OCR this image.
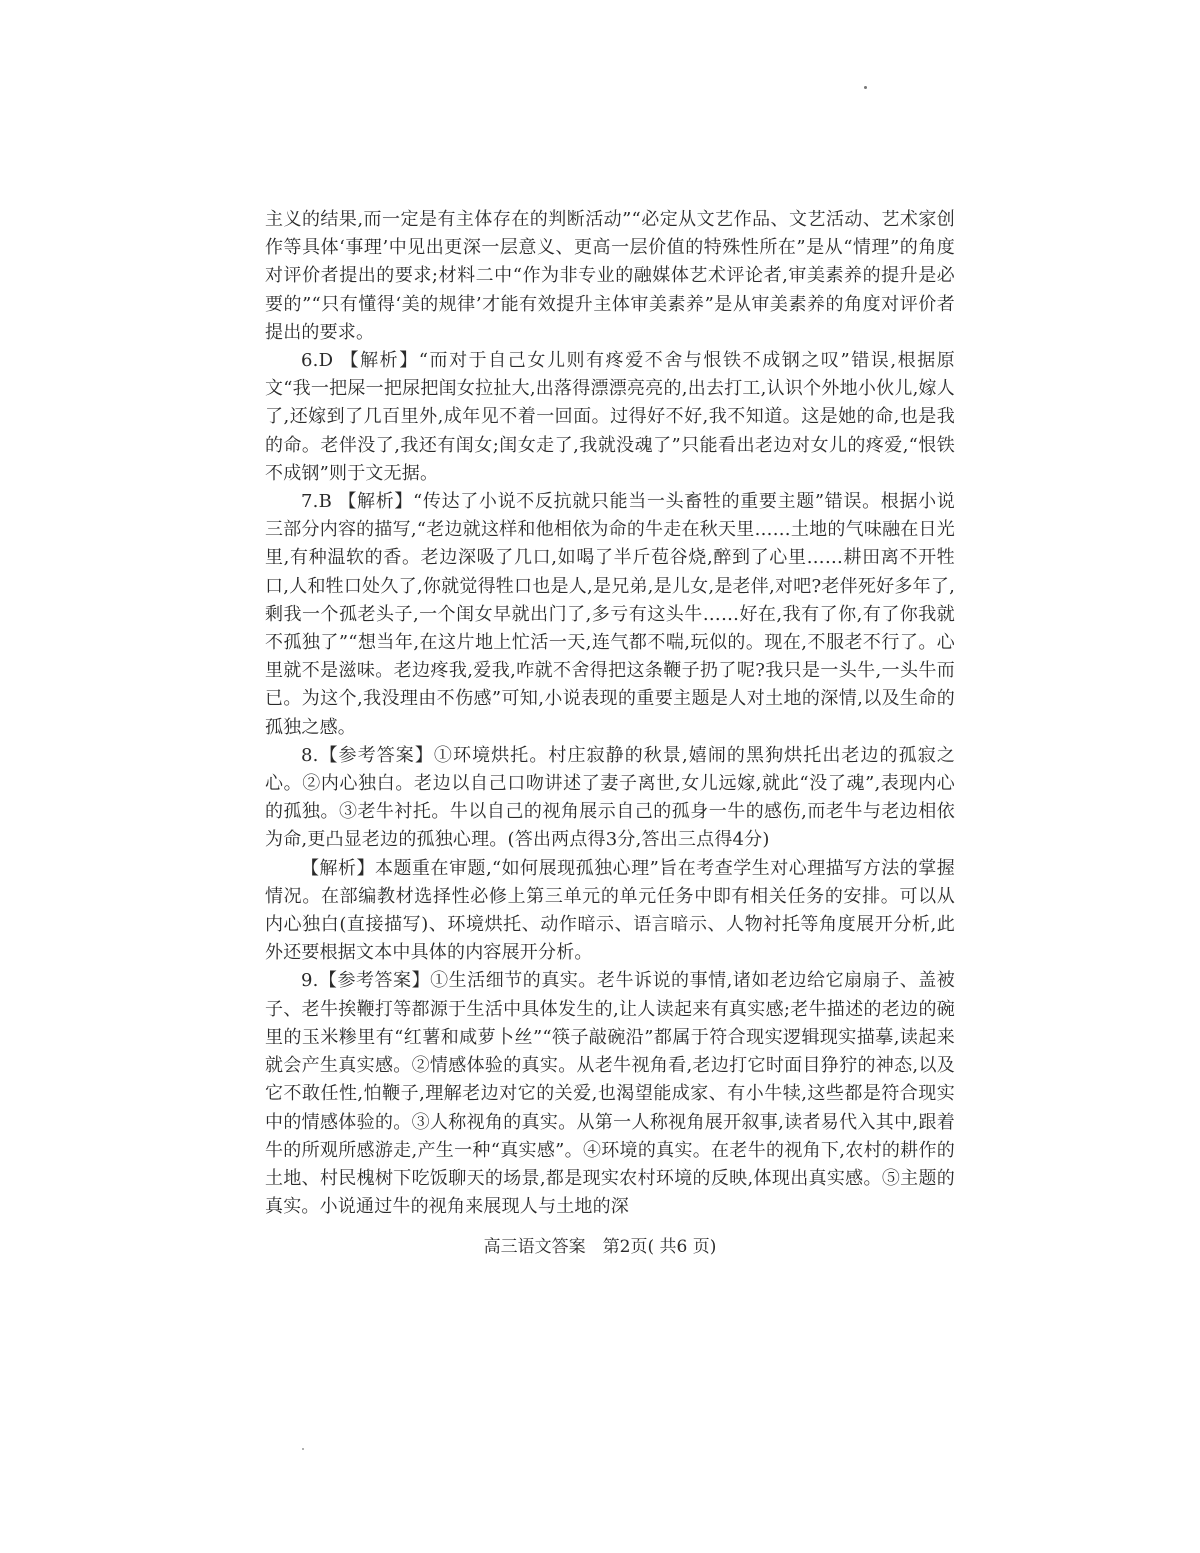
主义的结果,而一定是有主体存在的判断活动”“必定从文艺作品、文艺活动、艺术家创作等具体‘事理’中见出更深一层意义、更高一层价值的特殊性所在”是从“情理”的角度对评价者提出的要求;材料二中“作为非专业的融媒体艺术评论者,审美素养的提升是必要的”“只有懂得‘美的规律’才能有效提升主体审美素养”是从审美素养的角度对评价者提出的要求。

6.D 【解析】“而对于自己女儿则有疼爱不舍与恨铁不成钢之叹”错误,根据原文“我一把屎一把尿把闺女拉扯大,出落得漂漂亮亮的,出去打工,认识个外地小伙儿,嫁人了,还嫁到了几百里外,成年见不着一回面。过得好不好,我不知道。这是她的命,也是我的命。老伴没了,我还有闺女;闺女走了,我就没魂了”只能看出老边对女儿的疼爱,“恨铁不成钢”则于文无据。

7.B 【解析】“传达了小说不反抗就只能当一头畜牲的重要主题”错误。根据小说三部分内容的描写,“老边就这样和他相依为命的牛走在秋天里……土地的气味融在日光里,有种温软的香。老边深吸了几口,如喝了半斤苞谷烧,醉到了心里……耕田离不开牲口,人和牲口处久了,你就觉得牲口也是人,是兄弟,是儿女,是老伴,对吧?老伴死好多年了,剩我一个孤老头子,一个闺女早就出门了,多亏有这头牛……好在,我有了你,有了你我就不孤独了”“想当年,在这片地上忙活一天,连气都不喘,玩似的。现在,不服老不行了。心里就不是滋味。老边疼我,爱我,咋就不舍得把这条鞭子扔了呢?我只是一头牛,一头牛而已。为这个,我没理由不伤感”可知,小说表现的重要主题是人对土地的深情,以及生命的孤独之感。

8.【参考答案】①环境烘托。村庄寂静的秋景,嬉闹的黑狗烘托出老边的孤寂之心。②内心独白。老边以自己口吻讲述了妻子离世,女儿远嫁,就此“没了魂”,表现内心的孤独。③老牛衬托。牛以自己的视角展示自己的孤身一牛的感伤,而老牛与老边相依为命,更凸显老边的孤独心理。(答出两点得3分,答出三点得4分)

【解析】本题重在审题,“如何展现孤独心理”旨在考查学生对心理描写方法的掌握情况。在部编教材选择性必修上第三单元的单元任务中即有相关任务的安排。可以从内心独白(直接描写)、环境烘托、动作暗示、语言暗示、人物衬托等角度展开分析,此外还要根据文本中具体的内容展开分析。

9.【参考答案】①生活细节的真实。老牛诉说的事情,诸如老边给它扇扇子、盖被子、老牛挨鞭打等都源于生活中具体发生的,让人读起来有真实感;老牛描述的老边的碗里的玉米糁里有“红薯和咸萝卜丝”“筷子敲碗沿”都属于符合现实逻辑现实描摹,读起来就会产生真实感。②情感体验的真实。从老牛视角看,老边打它时面目狰狞的神态,以及它不敢任性,怕鞭子,理解老边对它的关爱,也渴望能成家、有小牛犊,这些都是符合现实中的情感体验的。③人称视角的真实。从第一人称视角展开叙事,读者易代入其中,跟着牛的所观所感游走,产生一种“真实感”。④环境的真实。在老牛的视角下,农村的耕作的土地、村民槐树下吃饭聊天的场景,都是现实农村环境的反映,体现出真实感。⑤主题的真实。小说通过牛的视角来展现人与土地的深

高三语文答案　第2页( 共6 页)
